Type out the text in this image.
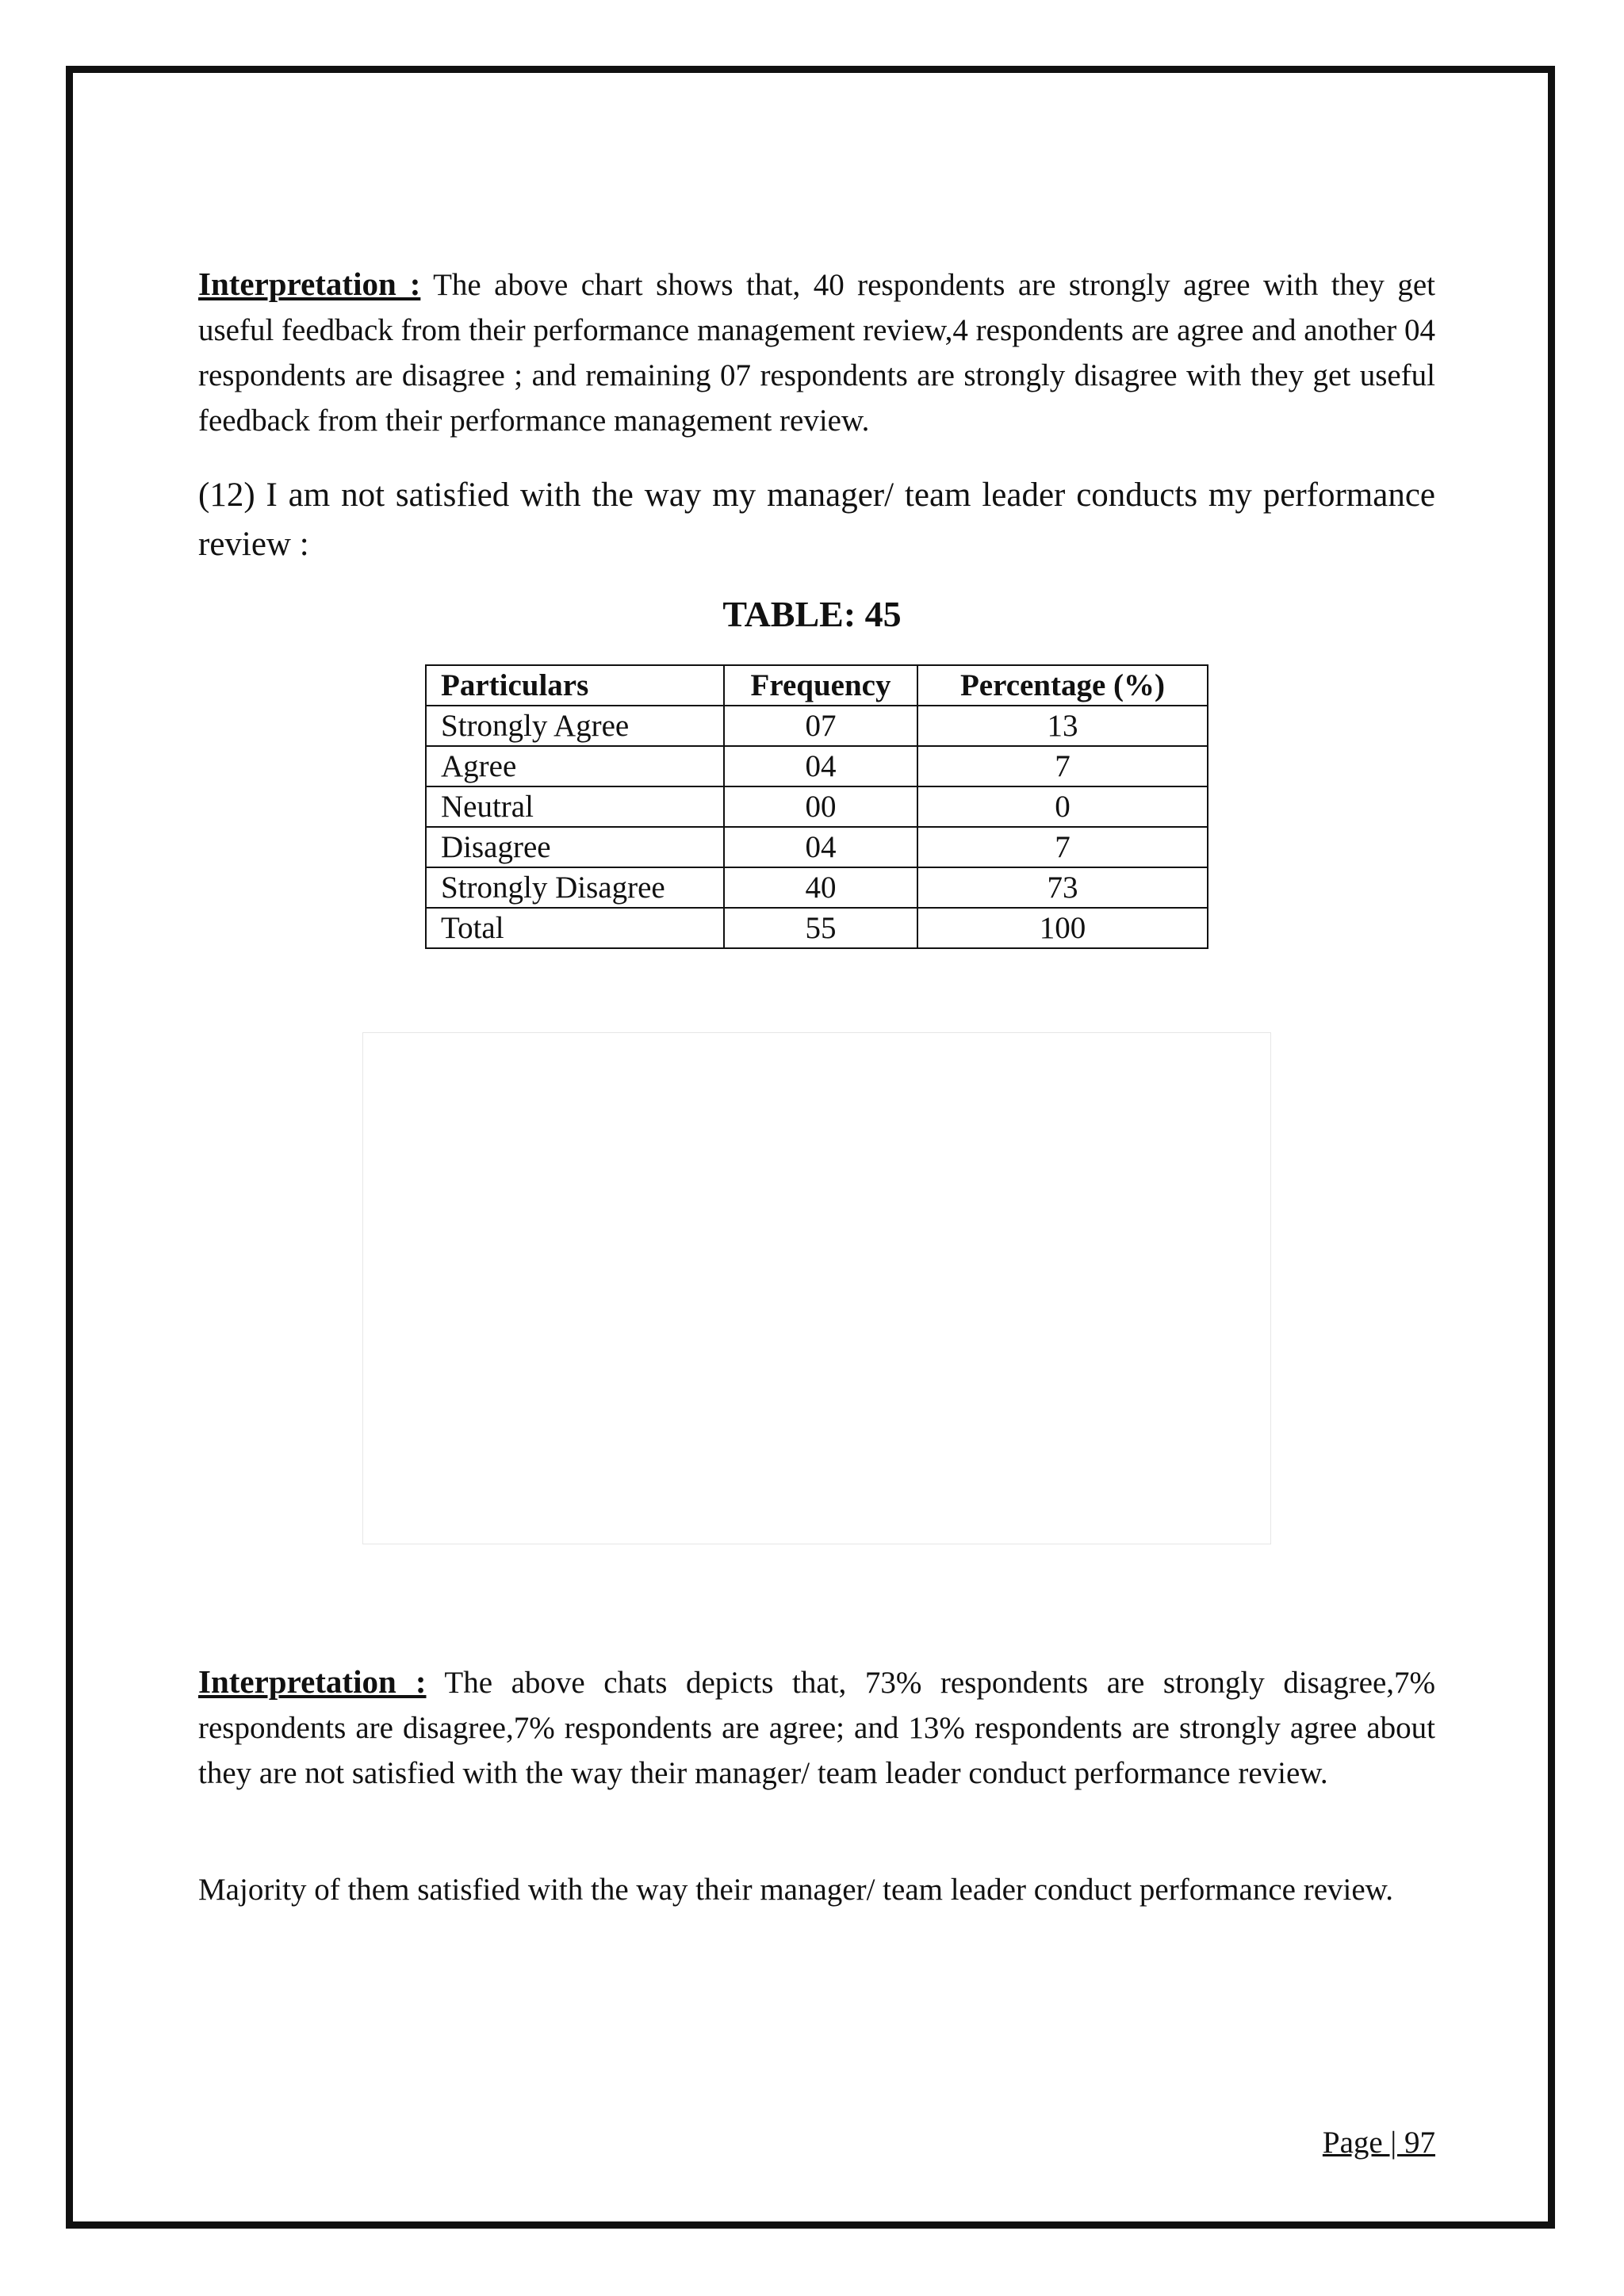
Interpretation : The above chart shows that, 40 respondents are strongly agree with they get useful feedback from their performance management review,4 respondents are agree and another 04 respondents are disagree ; and remaining 07 respondents are strongly disagree with they get useful feedback from their performance management review.

(12) I am not satisfied with the way my manager/ team leader conducts my performance review :

TABLE: 45
Particulars	Frequency	Percentage (%)
Strongly Agree	07	13
Agree	04	7
Neutral	00	0
Disagree	04	7
Strongly Disagree	40	73
Total	55	100

Interpretation : The above chats depicts that, 73% respondents are strongly disagree,7% respondents are disagree,7% respondents are agree; and 13% respondents are strongly agree about they are not satisfied with the way their manager/ team leader conduct performance review.

Majority of them satisfied with the way their manager/ team leader conduct performance review.

Page | 97
